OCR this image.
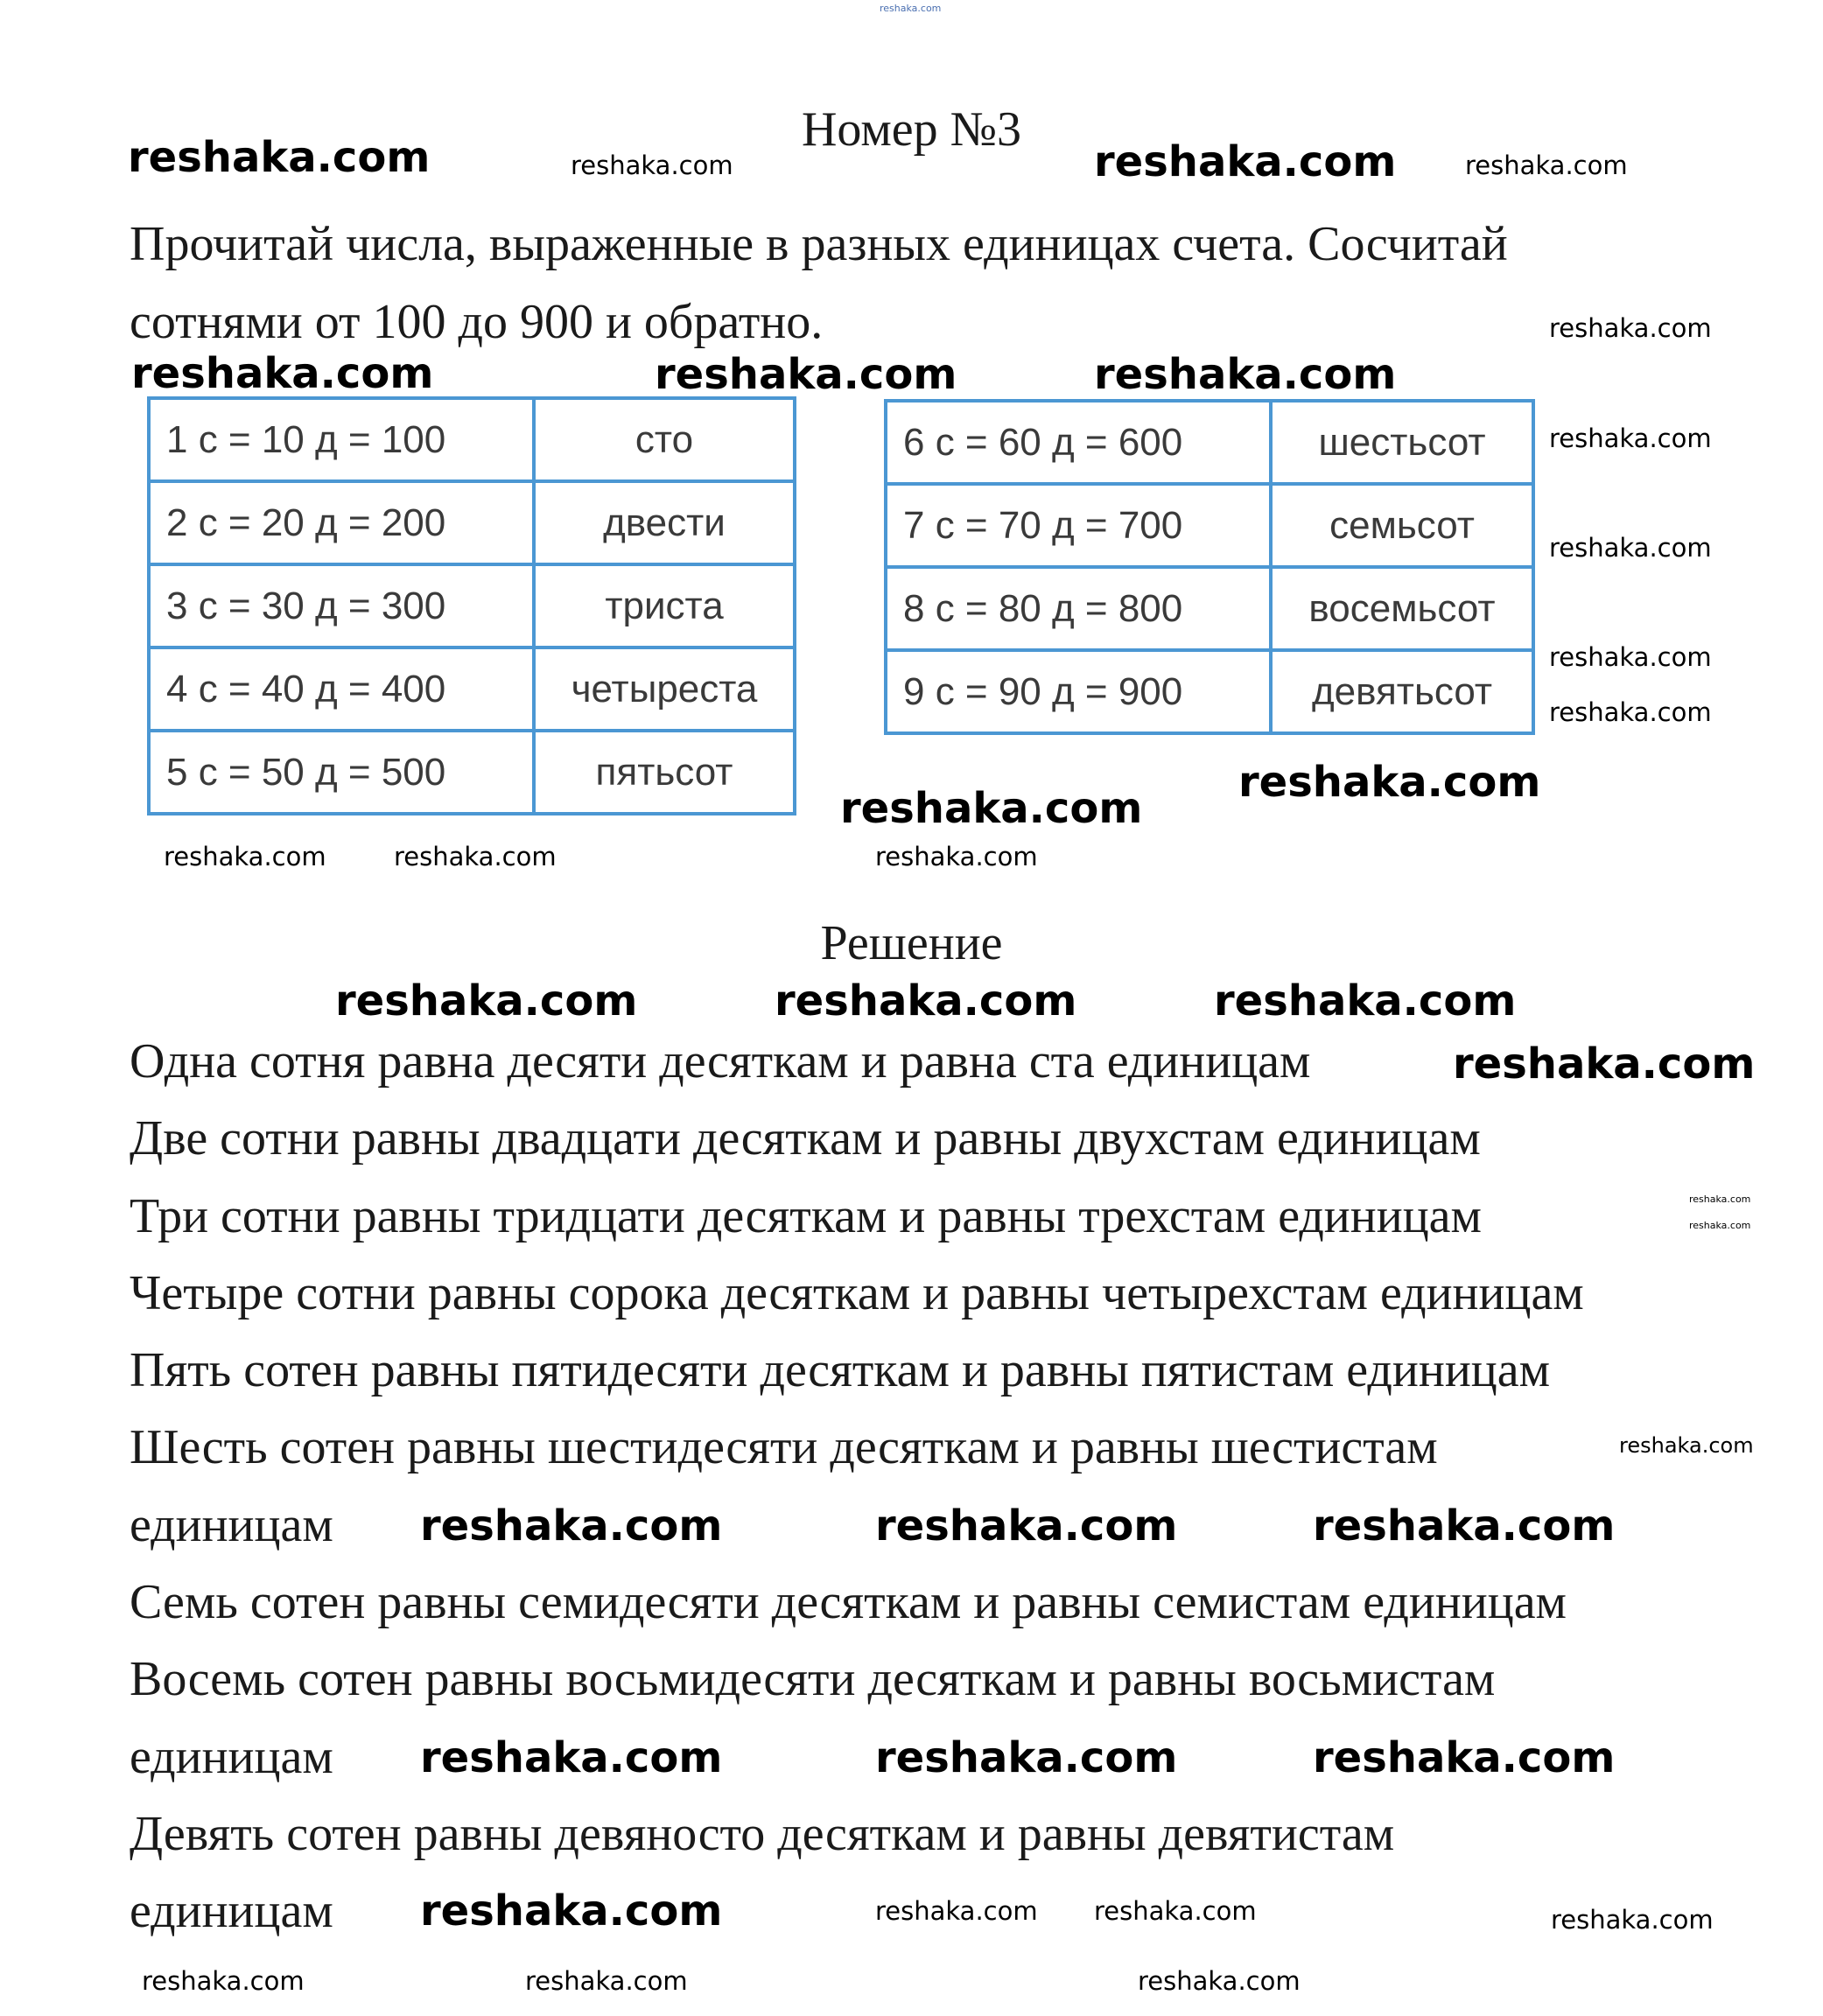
reshaka.com
Номер №3
Прочитай числа, выраженные в разных единицах счета. Сосчитай
сотнями от 100 до 900 и обратно.
1 с = 10 д = 100	сто
2 с = 20 д = 200	двести
3 с = 30 д = 300	триста
4 с = 40 д = 400	четыреста
5 с = 50 д = 500	пятьсот
6 с = 60 д = 600	шестьсот
7 с = 70 д = 700	семьсот
8 с = 80 д = 800	восемьсот
9 с = 90 д = 900	девятьсот
Решение
Одна сотня равна десяти десяткам и равна ста единицам
Две сотни равны двадцати десяткам и равны двухстам единицам
Три сотни равны тридцати десяткам и равны трехстам единицам
Четыре сотни равны сорока десяткам и равны четырехстам единицам
Пять сотен равны пятидесяти десяткам и равны пятистам единицам
Шесть сотен равны шестидесяти десяткам и равны шестистам
единицам
Семь сотен равны семидесяти десяткам и равны семистам единицам
Восемь сотен равны восьмидесяти десяткам и равны восьмистам
единицам
Девять сотен равны девяносто десяткам и равны девятистам
единицам
reshaka.com	reshaka.com
reshaka.com	reshaka.com	reshaka.com
reshaka.com
reshaka.com
reshaka.com	reshaka.com	reshaka.com
reshaka.com
reshaka.com	reshaka.com	reshaka.com
reshaka.com	reshaka.com	reshaka.com
reshaka.com
reshaka.com	reshaka.com
reshaka.com
reshaka.com
reshaka.com
reshaka.com
reshaka.com
reshaka.com	reshaka.com	reshaka.com
reshaka.com
reshaka.com	reshaka.com	reshaka.com
reshaka.com reshaka.com	reshaka.com
reshaka.com
reshaka.com
